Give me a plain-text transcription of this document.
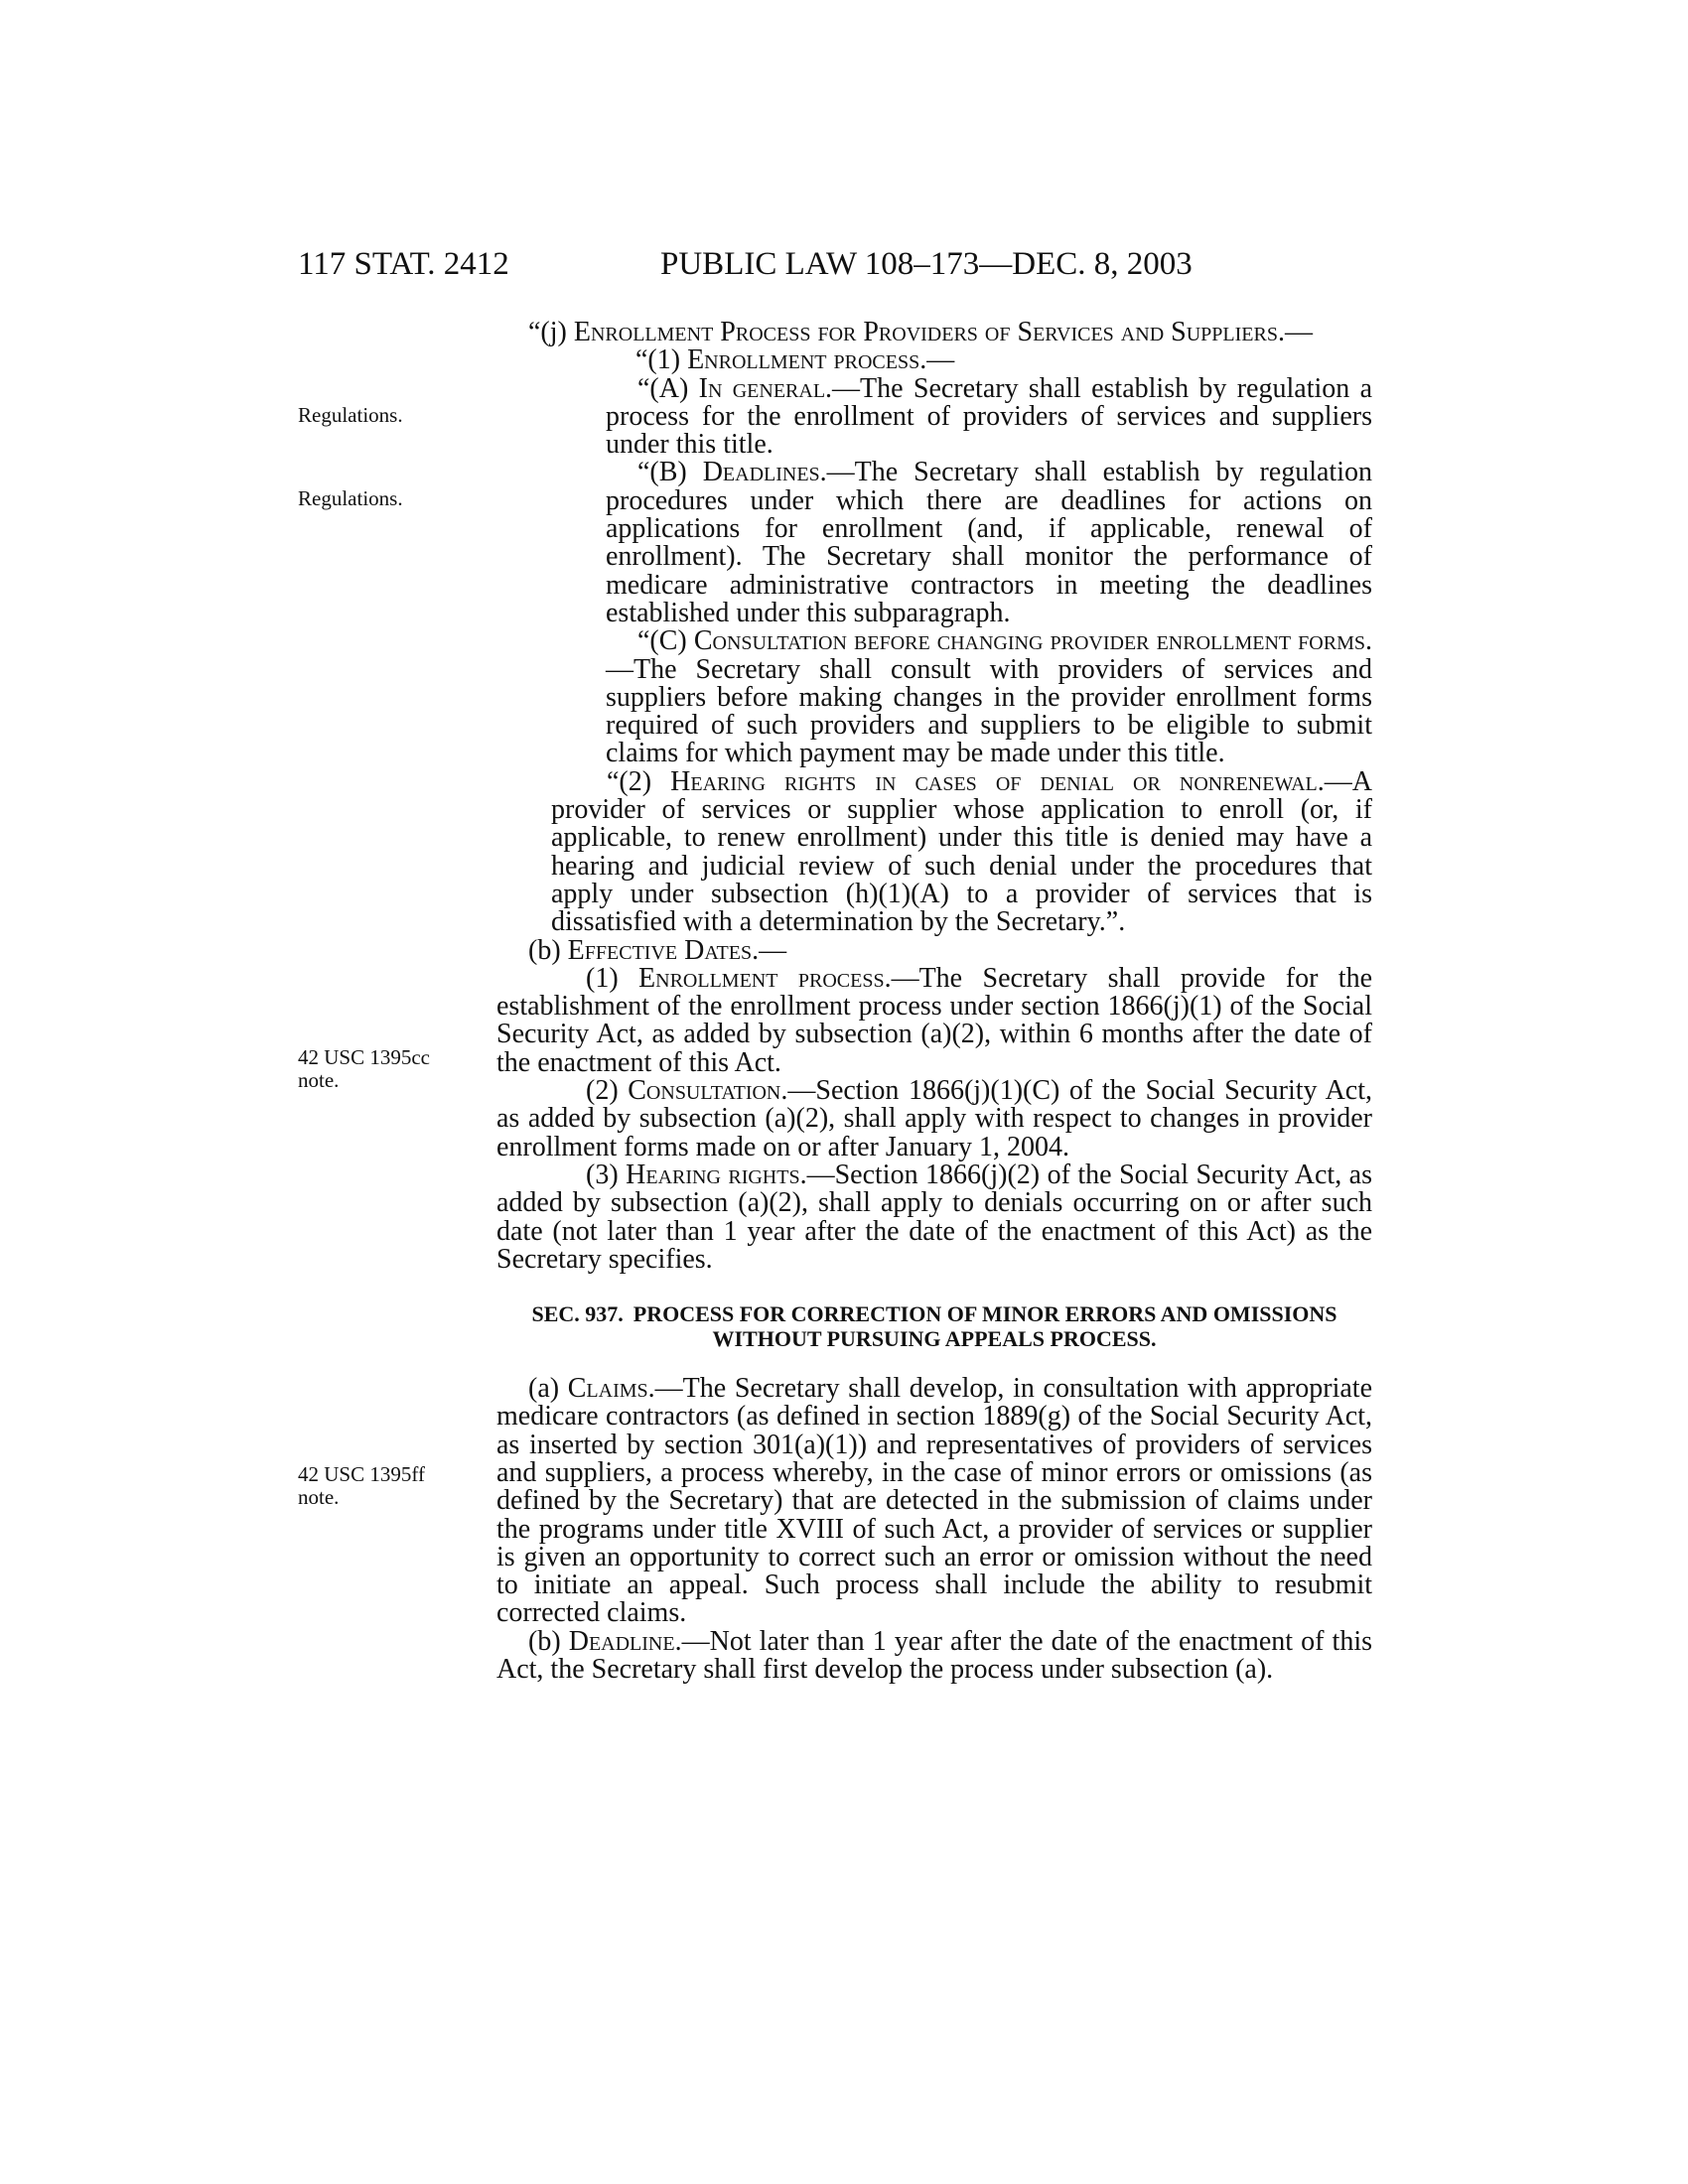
117 STAT. 2412	PUBLIC LAW 108–173—DEC. 8, 2003
Regulations.
Regulations.
42 USC 1395cc
note.
42 USC 1395ff
note.

“(j) Enrollment Process for Providers of Services and Suppliers.—

“(1) Enrollment process.—

“(A) In general.—The Secretary shall establish by regulation a process for the enrollment of providers of services and suppliers under this title.

“(B) Deadlines.—The Secretary shall establish by regulation procedures under which there are deadlines for actions on applications for enrollment (and, if applicable, renewal of enrollment). The Secretary shall monitor the performance of medicare administrative contractors in meeting the deadlines established under this subparagraph.

“(C) Consultation before changing provider enrollment forms.—The Secretary shall consult with providers of services and suppliers before making changes in the provider enrollment forms required of such providers and suppliers to be eligible to submit claims for which payment may be made under this title.

“(2) Hearing rights in cases of denial or nonrenewal.—A provider of services or supplier whose application to enroll (or, if applicable, to renew enrollment) under this title is denied may have a hearing and judicial review of such denial under the procedures that apply under subsection (h)(1)(A) to a provider of services that is dissatisfied with a determination by the Secretary.”.

(b) Effective Dates.—

(1) Enrollment process.—The Secretary shall provide for the establishment of the enrollment process under section 1866(j)(1) of the Social Security Act, as added by subsection (a)(2), within 6 months after the date of the enactment of this Act.

(2) Consultation.—Section 1866(j)(1)(C) of the Social Security Act, as added by subsection (a)(2), shall apply with respect to changes in provider enrollment forms made on or after January 1, 2004.

(3) Hearing rights.—Section 1866(j)(2) of the Social Security Act, as added by subsection (a)(2), shall apply to denials occurring on or after such date (not later than 1 year after the date of the enactment of this Act) as the Secretary specifies.

SEC. 937. PROCESS FOR CORRECTION OF MINOR ERRORS AND OMISSIONS WITHOUT PURSUING APPEALS PROCESS.

(a) Claims.—The Secretary shall develop, in consultation with appropriate medicare contractors (as defined in section 1889(g) of the Social Security Act, as inserted by section 301(a)(1)) and representatives of providers of services and suppliers, a process whereby, in the case of minor errors or omissions (as defined by the Secretary) that are detected in the submission of claims under the programs under title XVIII of such Act, a provider of services or supplier is given an opportunity to correct such an error or omission without the need to initiate an appeal. Such process shall include the ability to resubmit corrected claims.

(b) Deadline.—Not later than 1 year after the date of the enactment of this Act, the Secretary shall first develop the process under subsection (a).
